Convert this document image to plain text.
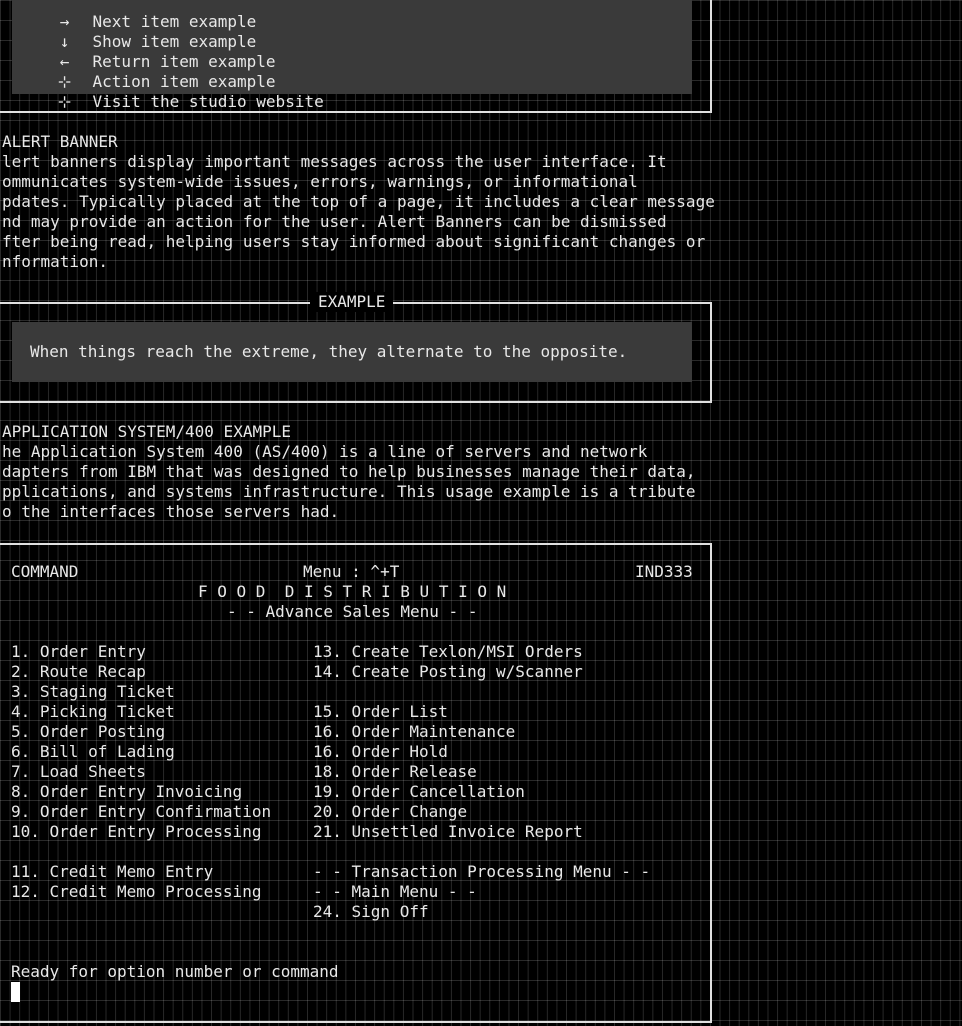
→ Next item example

↓ Show item example

← Return item example

⊹ Action item example

⊹ Visit the studio website

ALERT BANNER
lert banners display important messages across the user interface. It
ommunicates system-wide issues, errors, warnings, or informational
pdates. Typically placed at the top of a page, it includes a clear message
nd may provide an action for the user. Alert Banners can be dismissed
fter being read, helping users stay informed about significant changes or
nformation.
EXAMPLE
When things reach the extreme, they alternate to the opposite.
APPLICATION SYSTEM/400 EXAMPLE
he Application System 400 (AS/400) is a line of servers and network
dapters from IBM that was designed to help businesses manage their data,
pplications, and systems infrastructure. This usage example is a tribute
o the interfaces those servers had.
COMMAND	Menu : ^+T	IND333
F O O D  D I S T R I B U T I O N
- - Advance Sales Menu - -
1. Order Entry
2. Route Recap
3. Staging Ticket
4. Picking Ticket
5. Order Posting
6. Bill of Lading
7. Load Sheets
8. Order Entry Invoicing
9. Order Entry Confirmation
10. Order Entry Processing
11. Credit Memo Entry
12. Credit Memo Processing
13. Create Texlon/MSI Orders
14. Create Posting w/Scanner
15. Order List
16. Order Maintenance
16. Order Hold
18. Order Release
19. Order Cancellation
20. Order Change
21. Unsettled Invoice Report
- - Transaction Processing Menu - -
- - Main Menu - -
24. Sign Off
Ready for option number or command
